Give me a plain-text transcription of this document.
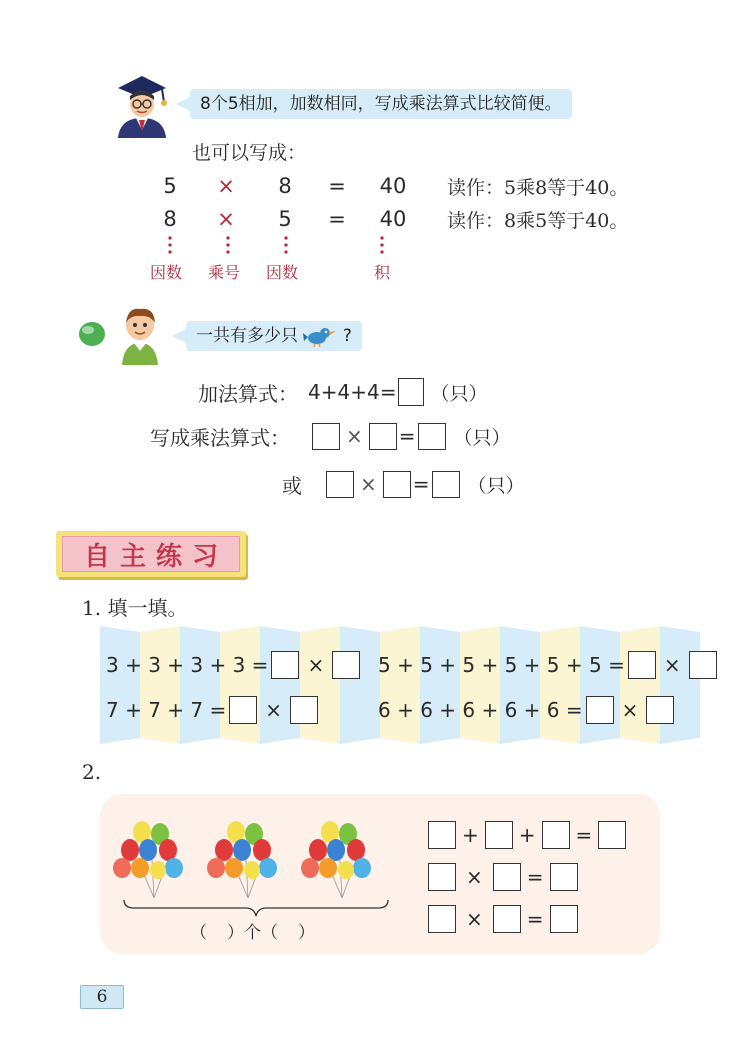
8个5相加，加数相同，写成乘法算式比较简便。
也可以写成：
5	×	8	=	40	读作：5乘8等于40。
8	×	5	=	40	读作：8乘5等于40。
因数 乘号 因数	积
一共有多少只	?
加法算式： 4+4+4= （只）
写成乘法算式：	× = （只）
或	× = （只）
自主练习
1. 填一填。
3 + 3 + 3 + 3 = ×
7 + 7 + 7 = ×
5 + 5 + 5 + 5 + 5 + 5 = ×
6 + 6 + 6 + 6 + 6 = ×
2.
（ ）个（ ）
+ + =
× =
× =
6
